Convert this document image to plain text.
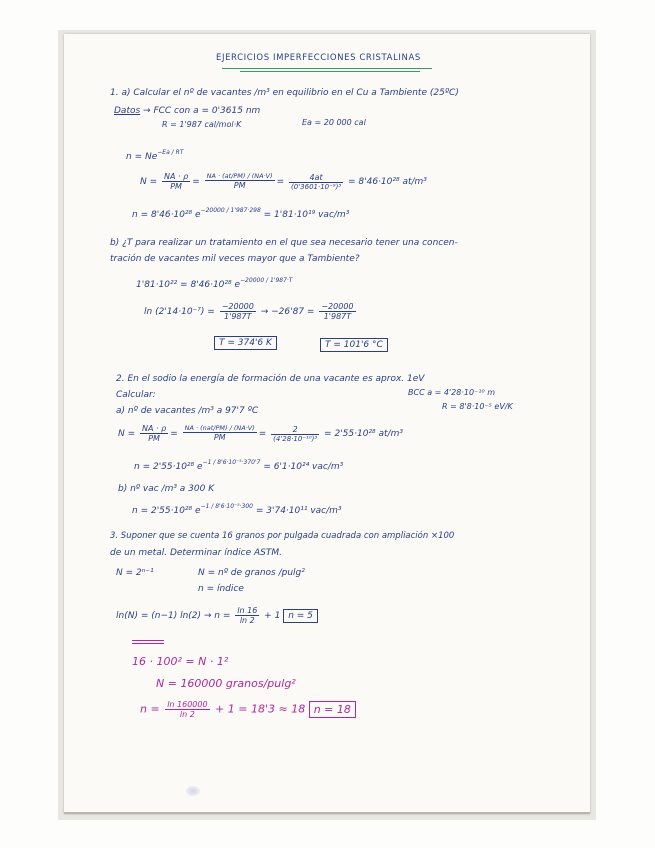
EJERCICIOS IMPERFECCIONES CRISTALINAS
1. a) Calcular el nº de vacantes /m³ en equilibrio en el Cu a Tambiente (25ºC)
Datos → FCC con a = 0'3615 nm
R = 1'987 cal/mol·K	Ea = 20 000 cal
$n = Ne^{-Ea / RT}$
$N = \frac{NA \cdot \rho}{PM} = \frac{NA \cdot (at/PM) / (NA\cdot V)}{PM} = \frac{4at}{\text{(0'3601·10⁻⁹)³}} = 8'46\cdot 10^{28}$ at/m³
n = 8'46·10²⁸ $e^{-20000 / 1'987\cdot 298} = 1'81\cdot 10^{19}$ vac/m³
b) ¿T para realizar un tratamiento en el que sea necesario tener una concen-
tración de vacantes mil veces mayor que a Tambiente?
1'81·10²² = 8'46·10²⁸ $e^{-20000 / 1'987\cdot T}$
$\ln (2'14\cdot 10^{-7}) = \frac{-20000}{1'987T} \to -26'87 = \frac{-20000}{1'987T}$
T = 374'6 K	T = 101'6 °C
2. En el sodio la energía de formación de una vacante es aprox. 1eV
Calcular:	BCC a = 4'28·10⁻¹⁰ m
R = 8'8·10⁻⁵ eV/K
a) nº de vacantes /m³ a 97'7 ºC
$N = \frac{NA \cdot \rho}{PM} = \frac{\text{NA · (nat/PM) / (NA·V)}}{PM} = \frac{2}{\text{(4'28·10⁻¹⁰)³}} = 2'55\cdot 10^{28}$ at/m³
n = 2'55·10²⁸ $e^{-1 / 8'6\cdot 10^{-5}\cdot 370'7} = 6'1\cdot 10^{24}$ vac/m³
b) nº vac /m³ a 300 K
n = 2'55·10²⁸ $e^{-1 / 8'6\cdot 10^{-5}\cdot 300} = 3'74\cdot 10^{11}$ vac/m³
3. Suponer que se cuenta 16 granos por pulgada cuadrada con ampliación ×100
de un metal. Determinar índice ASTM.
N = 2ⁿ⁻¹	N = nº de granos /pulg²
n = índice
ln(N) = (n−1) $\ln(2) \to n = \frac{\ln 16}{\ln 2} + 1$ n = 5
16 · 100² = N · 1²
N = 160000 granos/pulg²
$n = \frac{\ln 160000}{\ln 2} + 1 = 18'3 \approx 18$ n = 18
